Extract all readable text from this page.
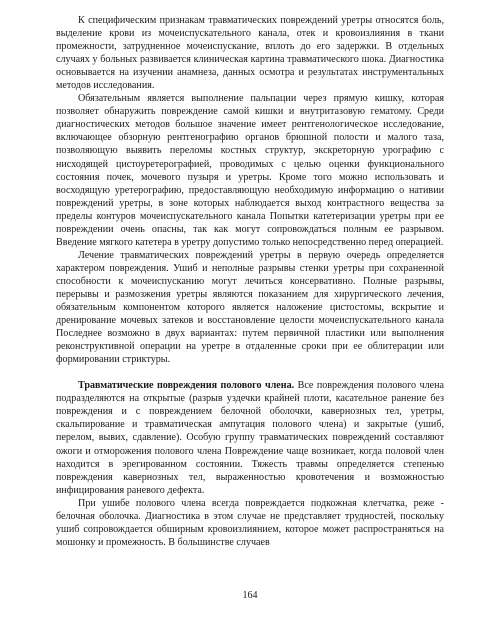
К специфическим признакам травматических повреждений уретры относятся боль, выделение крови из мочеиспускательного канала, отек и кровоизлияния в ткани промежности, затрудненное мочеиспускание, вплоть до его задержки. В отдельных случаях у больных развивается клиническая картина травматического шока. Диагностика основывается на изучении анамнеза, данных осмотра и результатах инструментальных методов исследования.

Обязательным является выполнение пальпации через прямую кишку, которая позволяет обнаружить повреждение самой кишки и внутритазовую гематому. Среди диагностических методов большое значение имеет рентгенологическое исследование, включающее обзорную рентгенографию органов брюшной полости и малого таза, позволяющую выявить переломы костных структур, экскреторную урографию с нисходящей цистоуретерографией, проводимых с целью оценки функционального состояния почек, мочевого пузыря и уретры. Кроме того можно использовать и восходящую уретерографию, предоставляющую необходимую информацию о нативии повреждений уретры, в зоне которых наблюдается выход контрастного вещества за пределы контуров мочеиспускательного канала Попытки катетеризации уретры при ее повреждении очень опасны, так как могут сопровождаться полным ее разрывом. Введение мягкого катетера в уретру допустимо только непосредственно перед операцией.

Лечение травматических повреждений уретры в первую очередь определяется характером повреждения. Ушиб и неполные разрывы стенки уретры при сохраненной способности к мочеиспусканию могут лечиться консервативно. Полные разрывы, перерывы и размозжения уретры являются показанием для хирургического лечения, обязательным компонентом которого является наложение цистостомы, вскрытие и дренирование мочевых затеков и восстановление целости мочеиспускательного канала Последнее возможно в двух вариантах: путем первичной пластики или выполнения реконструктивной операции на уретре в отдаленные сроки при ее облитерации или формировании стриктуры.

Травматические повреждения полового члена. Все повреждения полового члена подразделяются на открытые (разрыв уздечки крайней плоти, касательное ранение без повреждения и с повреждением белочной оболочки, кавернозных тел, уретры, скальпирование и травматическая ампутация полового члена) и закрытые (ушиб, перелом, вывих, сдавление). Особую группу травматических повреждений составляют ожоги и отморожения полового члена Повреждение чаще возникает, когда половой член находится в эрегированном состоянии. Тяжесть травмы определяется степенью повреждения кавернозных тел, выраженностью кровотечения и возможностью инфицирования раневого дефекта.

При ушибе полового члена всегда повреждается подкожная клетчатка, реже - белочная оболочка. Диагностика в этом случае не представляет трудностей, поскольку ушиб сопровождается обширным кровоизлиянием, которое может распространяться на мошонку и промежность. В большинстве случаев

164
